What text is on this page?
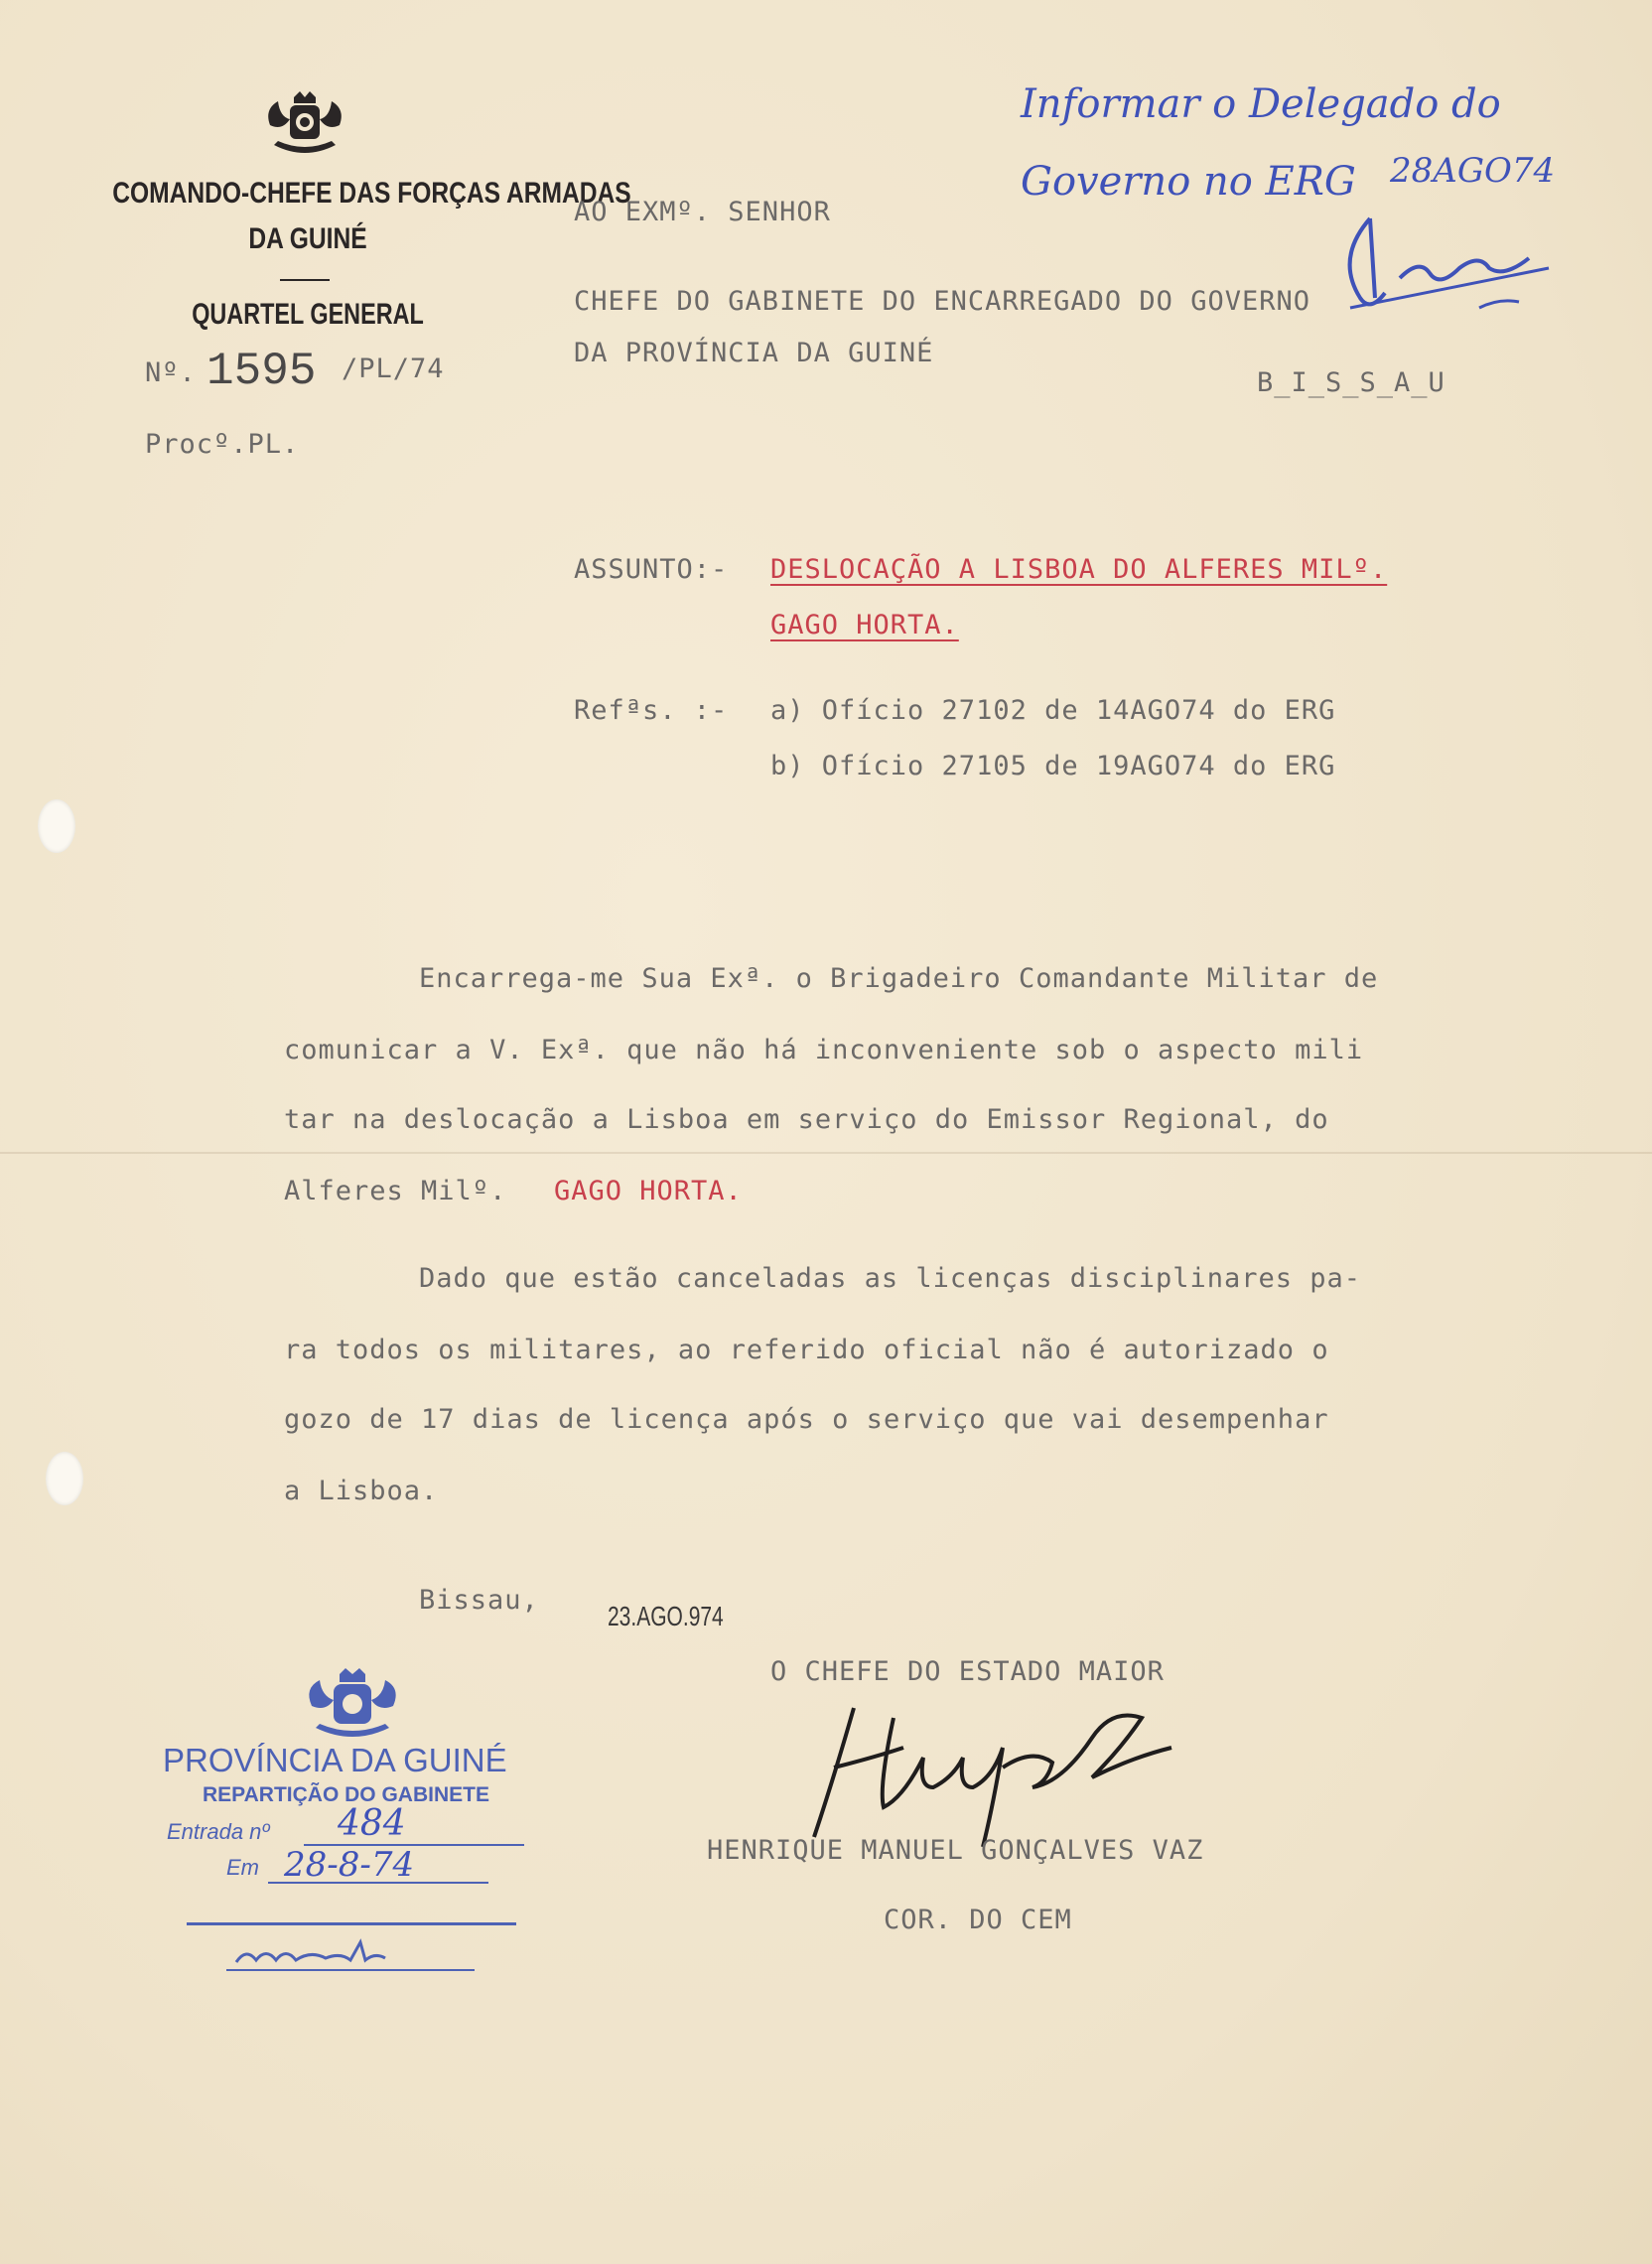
COMANDO-CHEFE DAS FORÇAS ARMADAS
DA GUINÉ
QUARTEL GENERAL
Nº. 1595 /PL/74
Procº.PL.
AO EXMº. SENHOR
CHEFE DO GABINETE DO ENCARREGADO DO GOVERNO
DA PROVÍNCIA DA GUINÉ
B_I_S_S_A_U
Informar o Delegado do
Governo no ERG 28AGO74
ASSUNTO:- DESLOCAÇÃO A LISBOA DO ALFERES MILº.
GAGO HORTA.
Refªs. :- a) Ofício 27102 de 14AGO74 do ERG
b) Ofício 27105 de 19AGO74 do ERG
Encarrega-me Sua Exª. o Brigadeiro Comandante Militar de
comunicar a V. Exª. que não há inconveniente sob o aspecto mili
tar na deslocação a Lisboa em serviço do Emissor Regional, do
Alferes Milº. GAGO HORTA.
Dado que estão canceladas as licenças disciplinares pa-
ra todos os militares, ao referido oficial não é autorizado o
gozo de 17 dias de licença após o serviço que vai desempenhar
a Lisboa.
Bissau,
23.AGO.974
O CHEFE DO ESTADO MAIOR
HENRIQUE MANUEL GONÇALVES VAZ
COR. DO CEM
PROVÍNCIA DA GUINÉ
REPARTIÇÃO DO GABINETE
Entrada nº 484
Em 28-8-74
